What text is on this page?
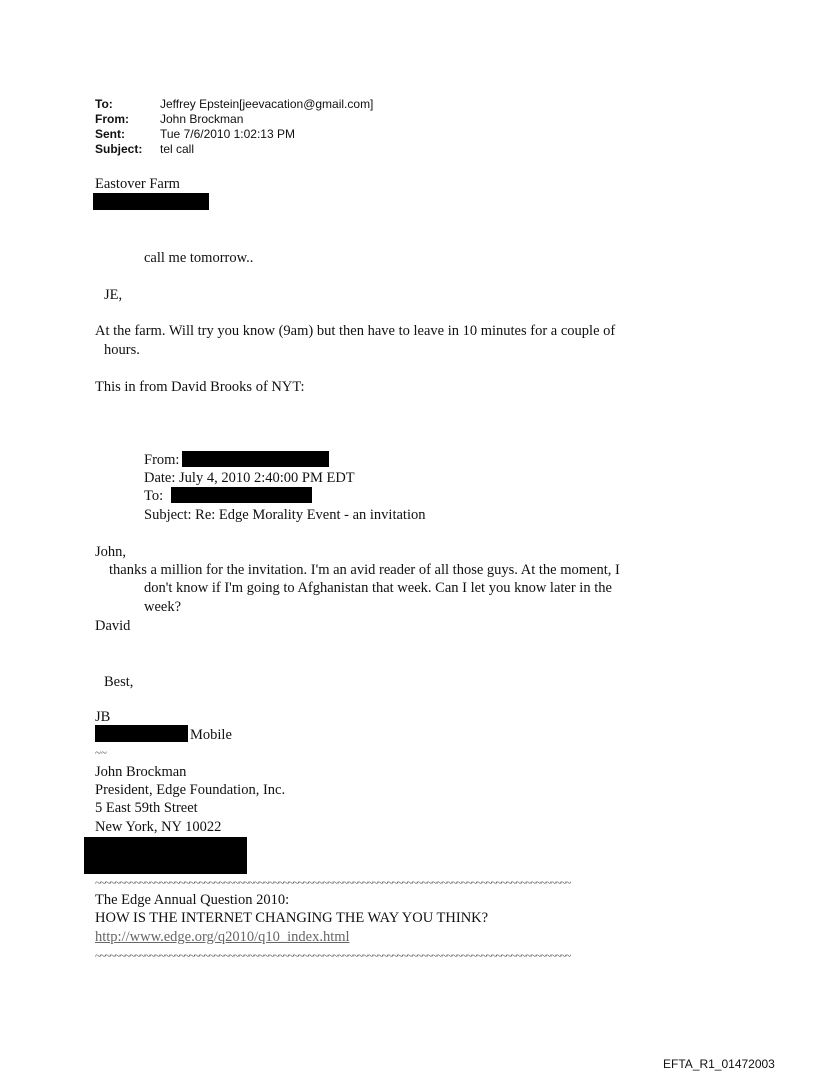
To:	Jeffrey Epstein[jeevacation@gmail.com]
From:	John Brockman
Sent:	Tue 7/6/2010 1:02:13 PM
Subject:	tel call
Eastover Farm
call me tomorrow..
JE,
At the farm. Will try you know (9am) but then have to leave in 10 minutes for a couple of
hours.
This in from David Brooks of NYT:
From:
Date: July 4, 2010 2:40:00 PM EDT
To:
Subject: Re: Edge Morality Event - an invitation
John,
thanks a million for the invitation. I'm an avid reader of all those guys. At the moment, I
don't know if I'm going to Afghanistan that week. Can I let you know later in the
week?
David
Best,
JB
Mobile
~~
John Brockman
President, Edge Foundation, Inc.
5 East 59th Street
New York, NY 10022
~~~~~~~~~~~~~~~~~~~~~~~~~~~~~~~~~~~~~~~~~~~~~~~~~~~~~~~~~~~~~~~~~~~~~~~~~~~~~~~~~~~~~~~~~~~~~~~~
The Edge Annual Question 2010:
HOW IS THE INTERNET CHANGING THE WAY YOU THINK?
http://www.edge.org/q2010/q10_index.html
~~~~~~~~~~~~~~~~~~~~~~~~~~~~~~~~~~~~~~~~~~~~~~~~~~~~~~~~~~~~~~~~~~~~~~~~~~~~~~~~~~~~~~~~~~~~~~~~
EFTA_R1_01472003
